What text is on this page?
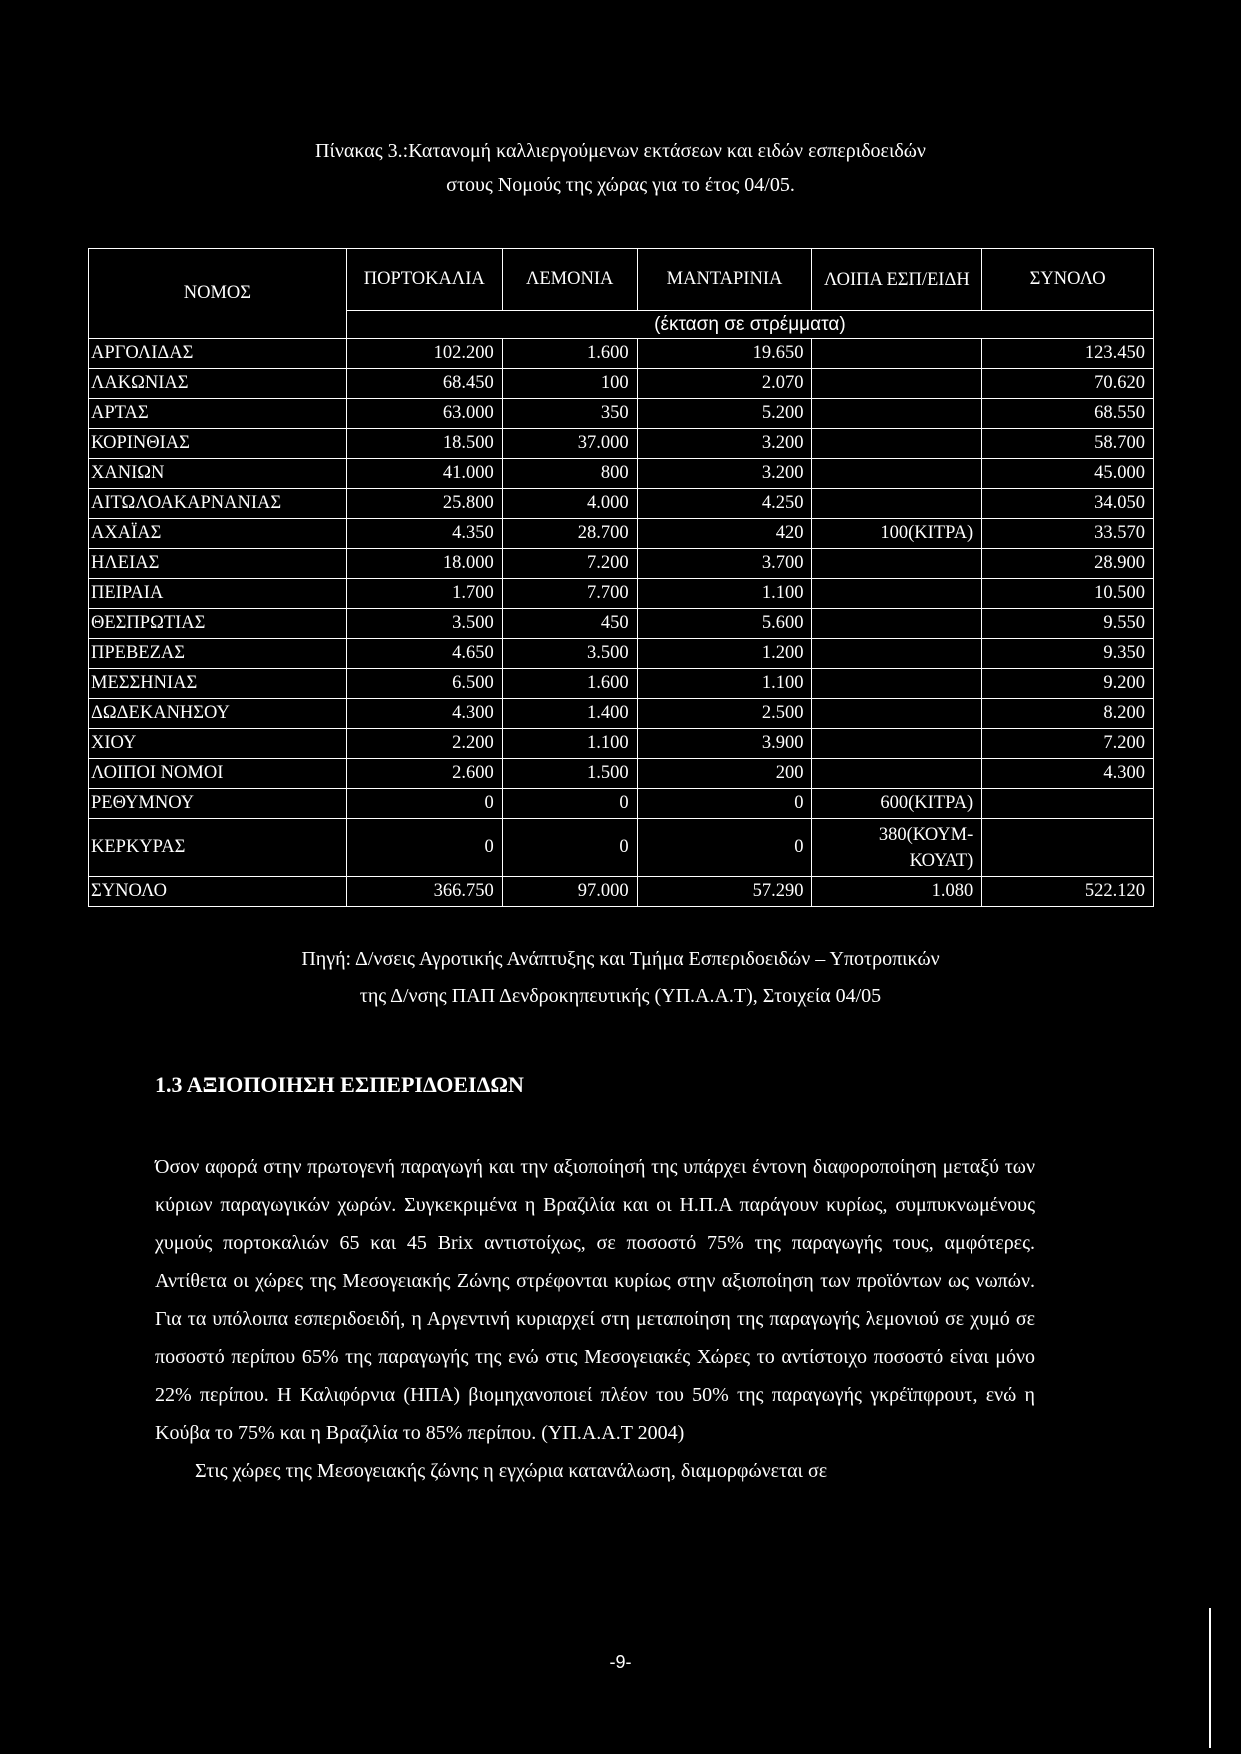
Πίνακας 3.:Κατανομή καλλιεργούμενων εκτάσεων και ειδών εσπεριδοειδών
στους Νομούς της χώρας για το έτος 04/05.
ΝΟΜΟΣ	ΠΟΡΤΟΚΑΛΙΑ	ΛΕΜΟΝΙΑ	ΜΑΝΤΑΡΙΝΙΑ	ΛΟΙΠΑ ΕΣΠ/ΕΙΔΗ	ΣΥΝΟΛΟ
	(έκταση σε στρέμματα)				
ΑΡΓΟΛΙΔΑΣ	102.200	1.600	19.650		123.450
ΛΑΚΩΝΙΑΣ	68.450	100	2.070		70.620
ΑΡΤΑΣ	63.000	350	5.200		68.550
ΚΟΡΙΝΘΙΑΣ	18.500	37.000	3.200		58.700
ΧΑΝΙΩΝ	41.000	800	3.200		45.000
ΑΙΤΩΛΟΑΚΑΡΝΑΝΙΑΣ	25.800	4.000	4.250		34.050
ΑΧΑΪΑΣ	4.350	28.700	420	100(ΚΙΤΡΑ)	33.570
ΗΛΕΙΑΣ	18.000	7.200	3.700		28.900
ΠΕΙΡΑΙΑ	1.700	7.700	1.100		10.500
ΘΕΣΠΡΩΤΙΑΣ	3.500	450	5.600		9.550
ΠΡΕΒΕΖΑΣ	4.650	3.500	1.200		9.350
ΜΕΣΣΗΝΙΑΣ	6.500	1.600	1.100		9.200
ΔΩΔΕΚΑΝΗΣΟΥ	4.300	1.400	2.500		8.200
ΧΙΟΥ	2.200	1.100	3.900		7.200
ΛΟΙΠΟΙ ΝΟΜΟΙ	2.600	1.500	200		4.300
ΡΕΘΥΜΝΟΥ	0	0	0	600(ΚΙΤΡΑ)	
ΚΕΡΚΥΡΑΣ	0	0	0	380(ΚΟΥΜ-ΚΟΥΑΤ)	
ΣΥΝΟΛΟ	366.750	97.000	57.290	1.080	522.120
Πηγή: Δ/νσεις Αγροτικής Ανάπτυξης και Τμήμα Εσπεριδοειδών – Υποτροπικών
της Δ/νσης ΠΑΠ Δενδροκηπευτικής (ΥΠ.Α.Α.Τ), Στοιχεία 04/05
1.3 ΑΞΙΟΠΟΙΗΣΗ ΕΣΠΕΡΙΔΟΕΙΔΩΝ

Όσον αφορά στην πρωτογενή παραγωγή και την αξιοποίησή της υπάρχει έντονη διαφοροποίηση μεταξύ των κύριων παραγωγικών χωρών. Συγκεκριμένα η Βραζιλία και οι Η.Π.Α παράγουν κυρίως, συμπυκνωμένους χυμούς πορτοκαλιών 65 και 45 Brix αντιστοίχως, σε ποσοστό 75% της παραγωγής τους, αμφότερες. Αντίθετα οι χώρες της Μεσογειακής Ζώνης στρέφονται κυρίως στην αξιοποίηση των προϊόντων ως νωπών. Για τα υπόλοιπα εσπεριδοειδή, η Αργεντινή κυριαρχεί στη μεταποίηση της παραγωγής λεμονιού σε χυμό σε ποσοστό περίπου 65% της παραγωγής της ενώ στις Μεσογειακές Χώρες το αντίστοιχο ποσοστό είναι μόνο 22% περίπου. Η Καλιφόρνια (ΗΠΑ) βιομηχανοποιεί πλέον του 50% της παραγωγής γκρέϊπφρουτ, ενώ η Κούβα το 75% και η Βραζιλία το 85% περίπου. (ΥΠ.Α.Α.Τ 2004)

Στις χώρες της Μεσογειακής ζώνης η εγχώρια κατανάλωση, διαμορφώνεται σε

-9-
